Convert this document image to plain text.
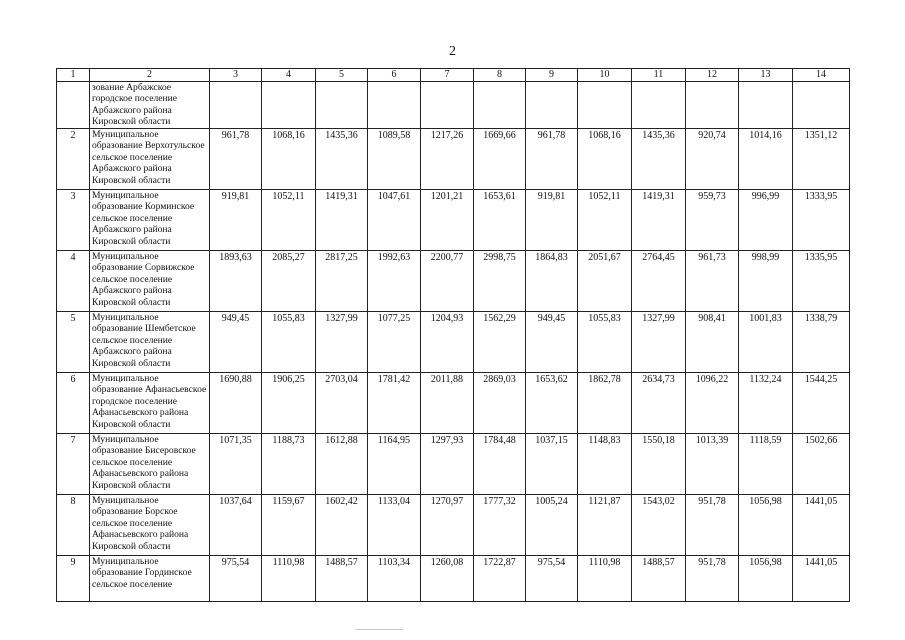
2
1	2	3	4	5	6	7	8	9	10	11	12	13	14
	зование Арбажское городское поселение Арбажского района Кировской области												
2	Муниципальное образование Верхотульское сельское поселение Арбажского района Кировской области	961,78	1068,16	1435,36	1089,58	1217,26	1669,66	961,78	1068,16	1435,36	920,74	1014,16	1351,12
3	Муниципальное образование Корминское сельское поселение Арбажского района Кировской области	919,81	1052,11	1419,31	1047,61	1201,21	1653,61	919,81	1052,11	1419,31	959,73	996,99	1333,95
4	Муниципальное образование Сорвижское сельское поселение Арбажского района Кировской области	1893,63	2085,27	2817,25	1992,63	2200,77	2998,75	1864,83	2051,67	2764,45	961,73	998,99	1335,95
5	Муниципальное образование Шембетское сельское поселение Арбажского района Кировской области	949,45	1055,83	1327,99	1077,25	1204,93	1562,29	949,45	1055,83	1327,99	908,41	1001,83	1338,79
6	Муниципальное образование Афанасьевское городское поселение Афанасьевского района Кировской области	1690,88	1906,25	2703,04	1781,42	2011,88	2869,03	1653,62	1862,78	2634,73	1096,22	1132,24	1544,25
7	Муниципальное образование Бисеровское сельское поселение Афанасьевского района Кировской области	1071,35	1188,73	1612,88	1164,95	1297,93	1784,48	1037,15	1148,83	1550,18	1013,39	1118,59	1502,66
8	Муниципальное образование Борское сельское поселение Афанасьевского района Кировской области	1037,64	1159,67	1602,42	1133,04	1270,97	1777,32	1005,24	1121,87	1543,02	951,78	1056,98	1441,05
9	Муниципальное образование Гординское сельское поселение	975,54	1110,98	1488,57	1103,34	1260,08	1722,87	975,54	1110,98	1488,57	951,78	1056,98	1441,05
